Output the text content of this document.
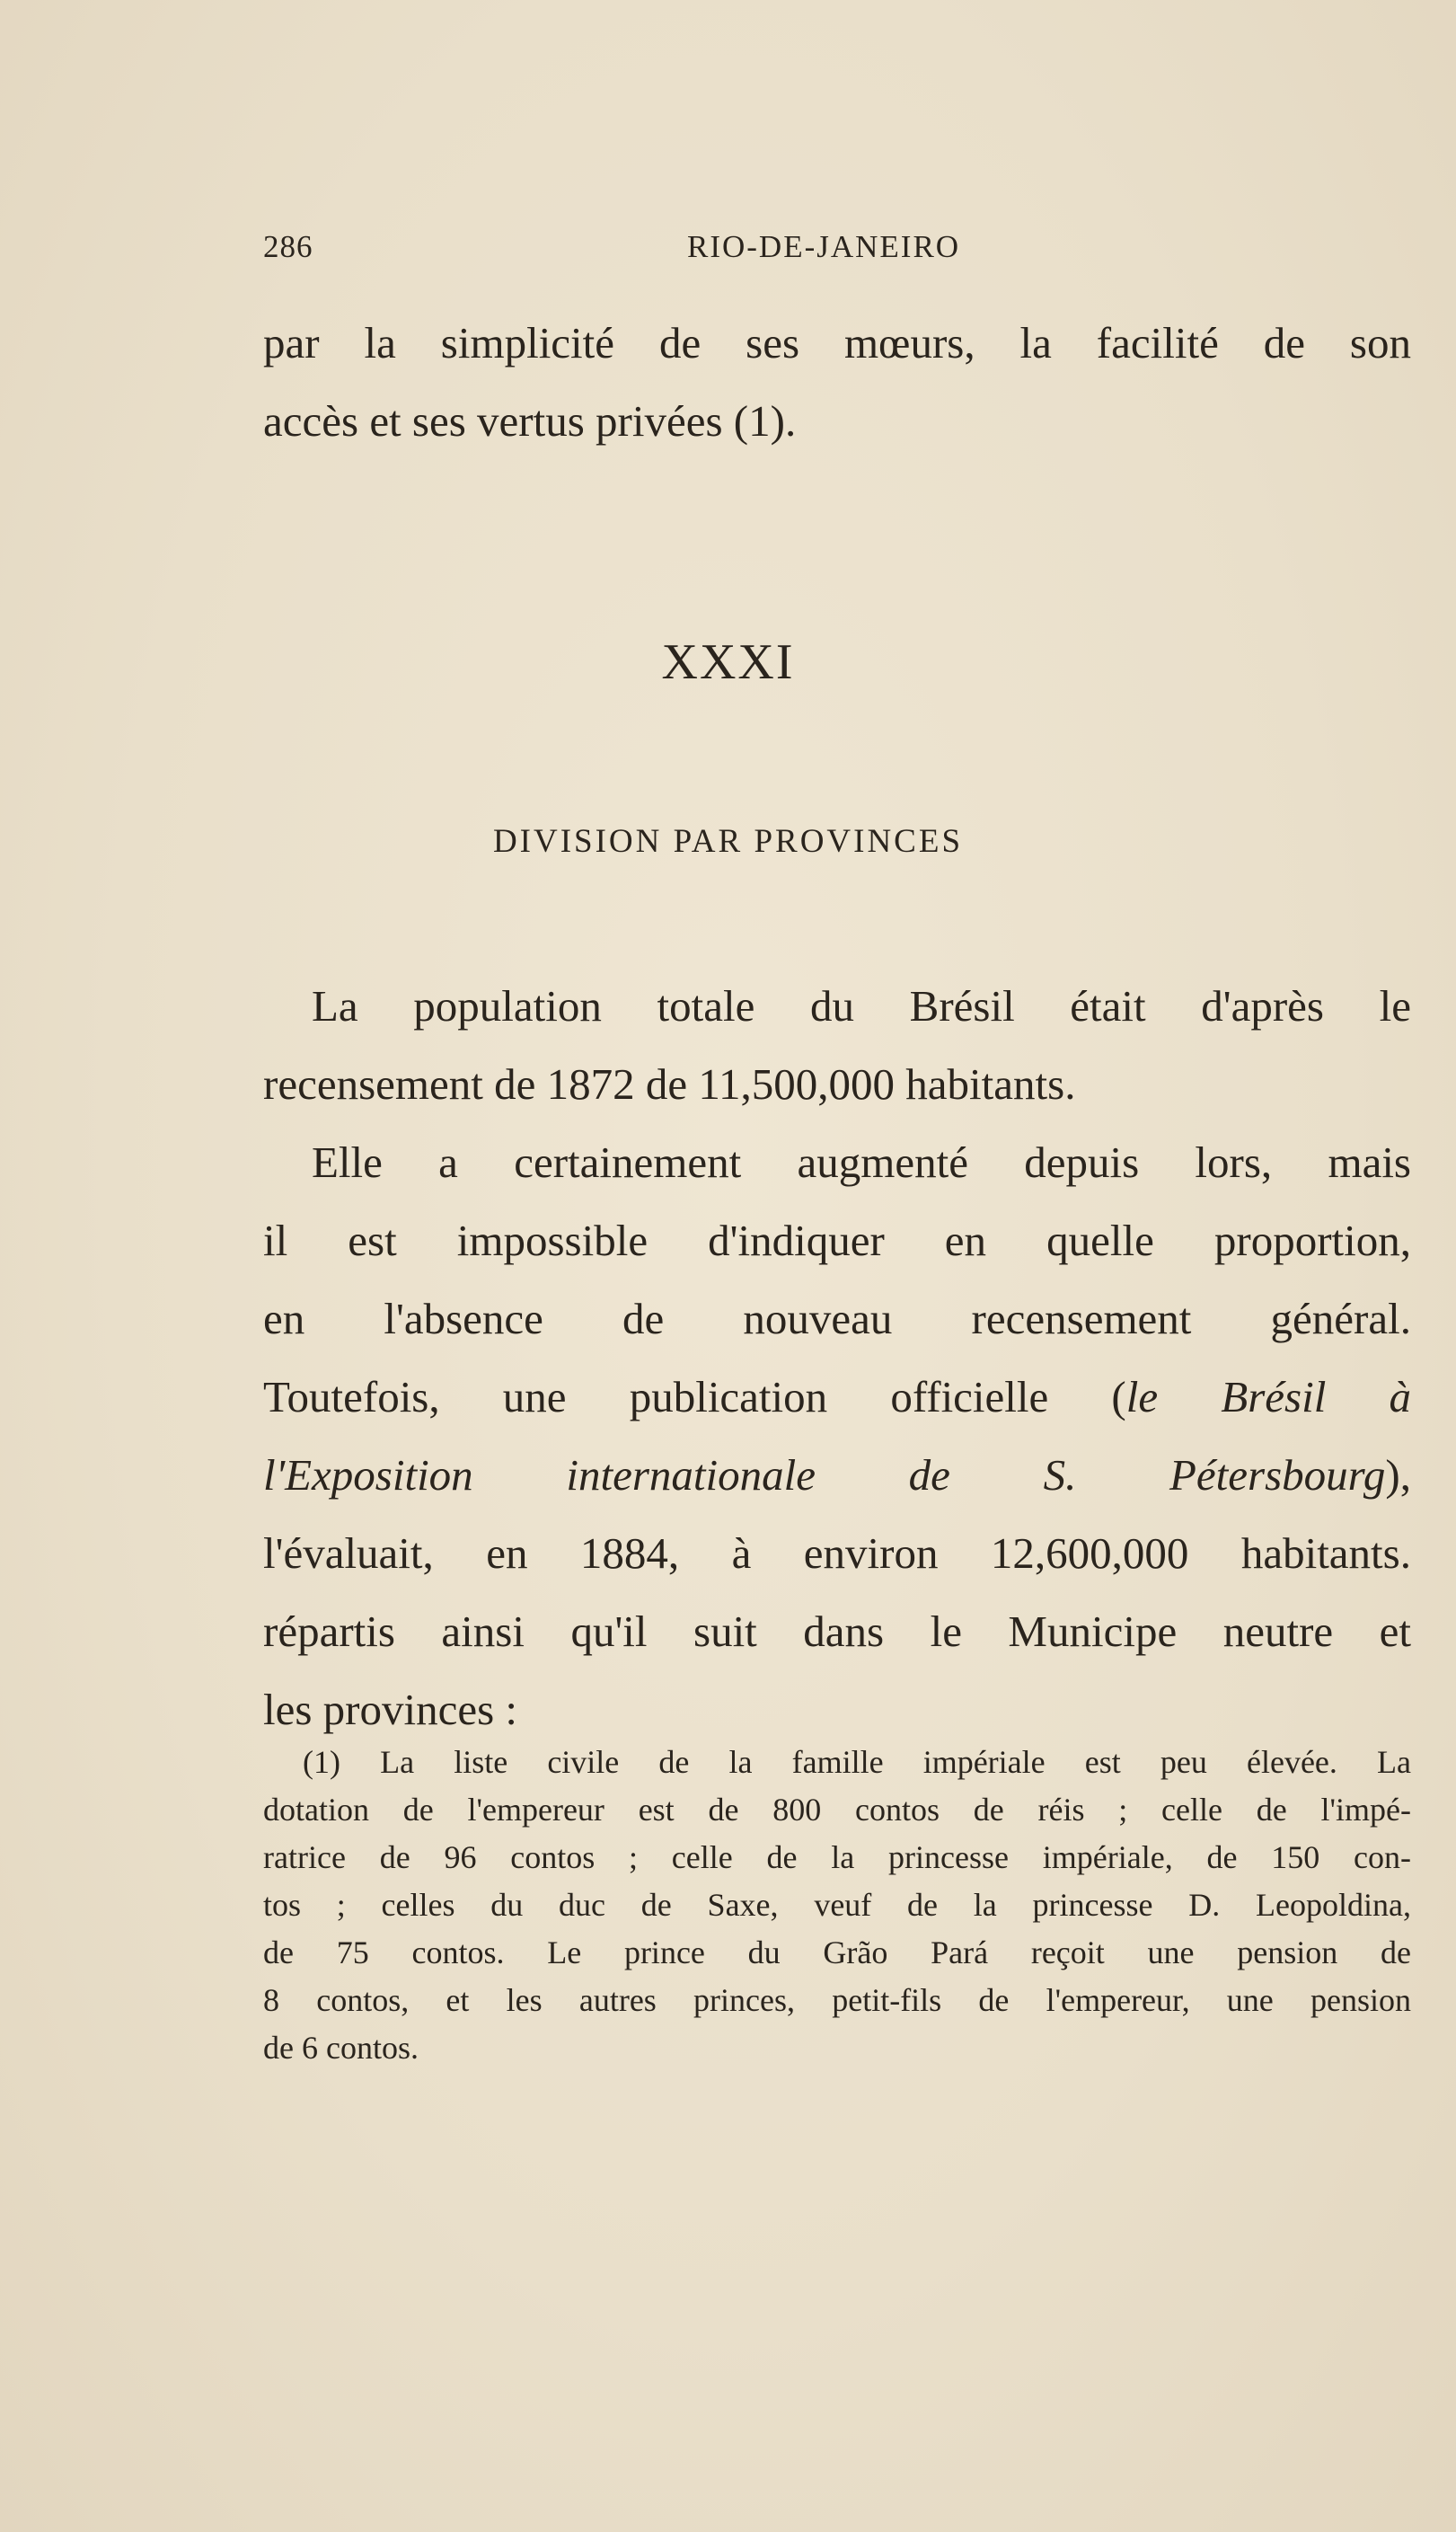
286	RIO-DE-JANEIRO
par la simplicité de ses mœurs, la facilité de son
accès et ses vertus privées (1).
XXXI
DIVISION PAR PROVINCES
La population totale du Brésil était d'après le
recensement de 1872 de 11,500,000 habitants.
Elle a certainement augmenté depuis lors, mais
il est impossible d'indiquer en quelle proportion,
en l'absence de nouveau recensement général.
Toutefois, une publication officielle (le Brésil à
l'Exposition internationale de S. Pétersbourg),
l'évaluait, en 1884, à environ 12,600,000 habitants.
répartis ainsi qu'il suit dans le Municipe neutre et
les provinces :
(1) La liste civile de la famille impériale est peu élevée. La
dotation de l'empereur est de 800 contos de réis ; celle de l'impé-
ratrice de 96 contos ; celle de la princesse impériale, de 150 con-
tos ; celles du duc de Saxe, veuf de la princesse D. Leopoldina,
de 75 contos. Le prince du Grão Pará reçoit une pension de
8 contos, et les autres princes, petit-fils de l'empereur, une pension
de 6 contos.
